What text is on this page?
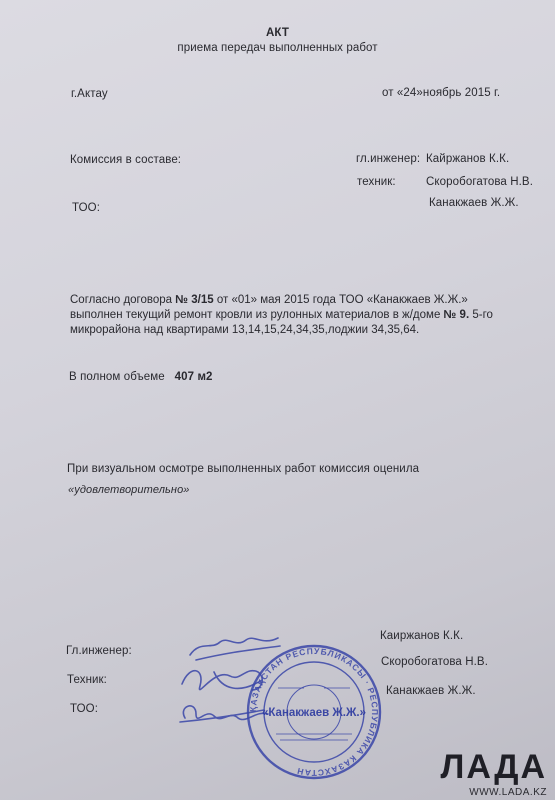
АКТ
приема передач выполненных работ
г.Актау	от «24»ноябрь 2015 г.
Комиссия в составе:	гл.инженер: Кайржанов К.К.
техник:	Скоробогатова Н.В.
ТОО:	Канакжаев Ж.Ж.
Согласно договора № 3/15 от «01» мая 2015 года ТОО «Канакжаев Ж.Ж.» выполнен текущий ремонт кровли из рулонных материалов в ж/доме № 9. 5-го микрорайона над квартирами 13,14,15,24,34,35,лоджии 34,35,64.
В полном объеме 407 м2
При визуальном осмотре выполненных работ комиссия оценила
«удовлетворительно»
Гл.инженер:
Каиржанов К.К.
Техник:
Скоробогатова Н.В.
ТОО:
Канакжаев Ж.Ж.
ҚАЗАҚСТАН РЕСПУБЛИКАСЫ · РЕСПУБЛИКА КАЗАХСТАН
«Канакжаев Ж.Ж.»
ЛАДА
WWW.LADA.KZ
